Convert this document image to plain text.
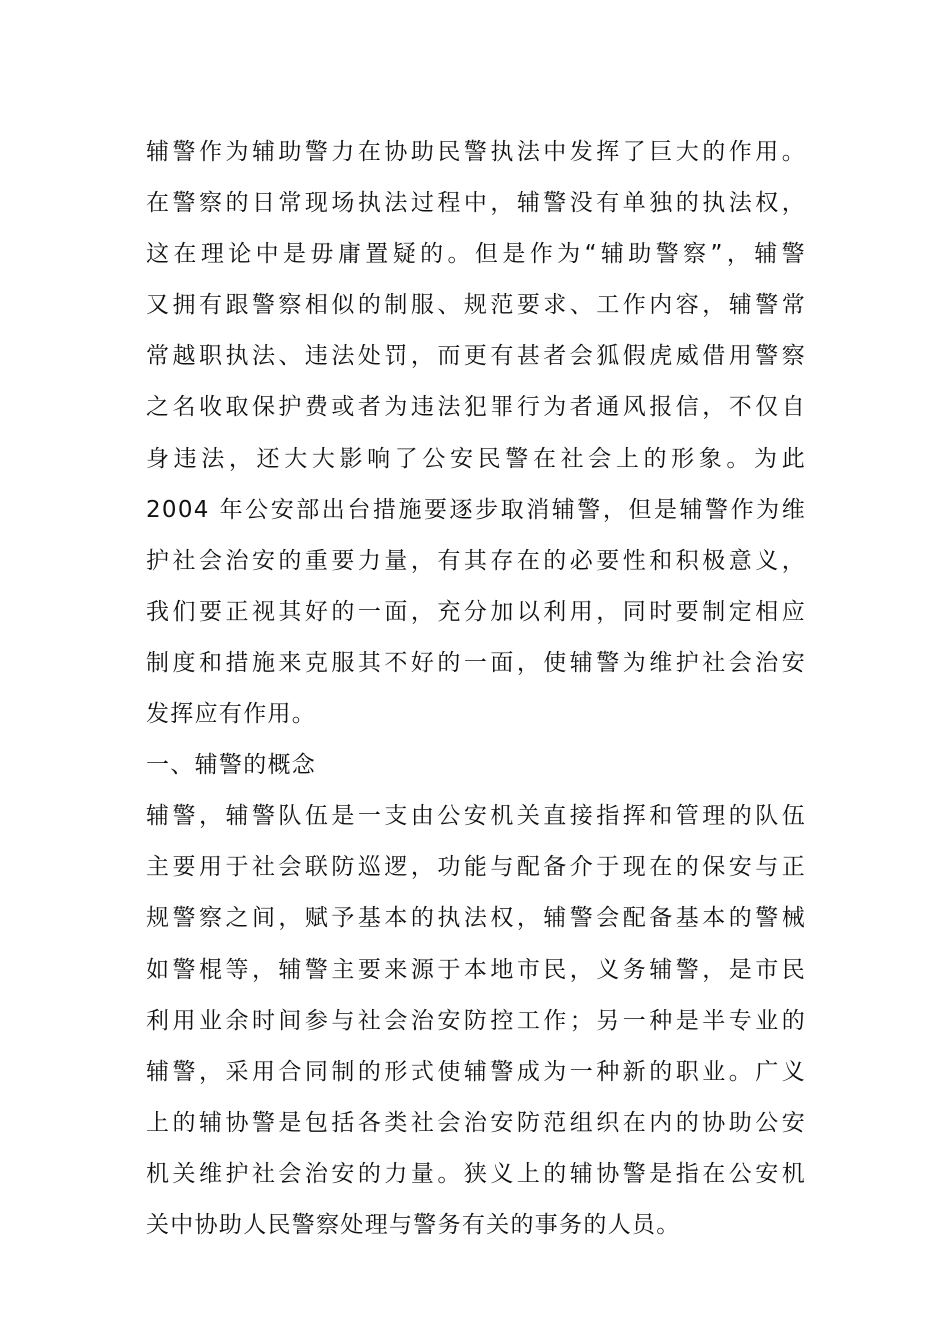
辅警作为辅助警力在协助民警执法中发挥了巨大的作用。
在警察的日常现场执法过程中，辅警没有单独的执法权，
这在理论中是毋庸置疑的。但是作为“辅助警察”，辅警
又拥有跟警察相似的制服、规范要求、工作内容，辅警常
常越职执法、违法处罚，而更有甚者会狐假虎威借用警察
之名收取保护费或者为违法犯罪行为者通风报信，不仅自
身违法，还大大影响了公安民警在社会上的形象。为此
2004 年公安部出台措施要逐步取消辅警，但是辅警作为维
护社会治安的重要力量，有其存在的必要性和积极意义，
我们要正视其好的一面，充分加以利用，同时要制定相应
制度和措施来克服其不好的一面，使辅警为维护社会治安
发挥应有作用。
一、辅警的概念
辅警，辅警队伍是一支由公安机关直接指挥和管理的队伍
主要用于社会联防巡逻，功能与配备介于现在的保安与正
规警察之间，赋予基本的执法权，辅警会配备基本的警械
如警棍等，辅警主要来源于本地市民，义务辅警，是市民
利用业余时间参与社会治安防控工作；另一种是半专业的
辅警，采用合同制的形式使辅警成为一种新的职业。广义
上的辅协警是包括各类社会治安防范组织在内的协助公安
机关维护社会治安的力量。狭义上的辅协警是指在公安机
关中协助人民警察处理与警务有关的事务的人员。
